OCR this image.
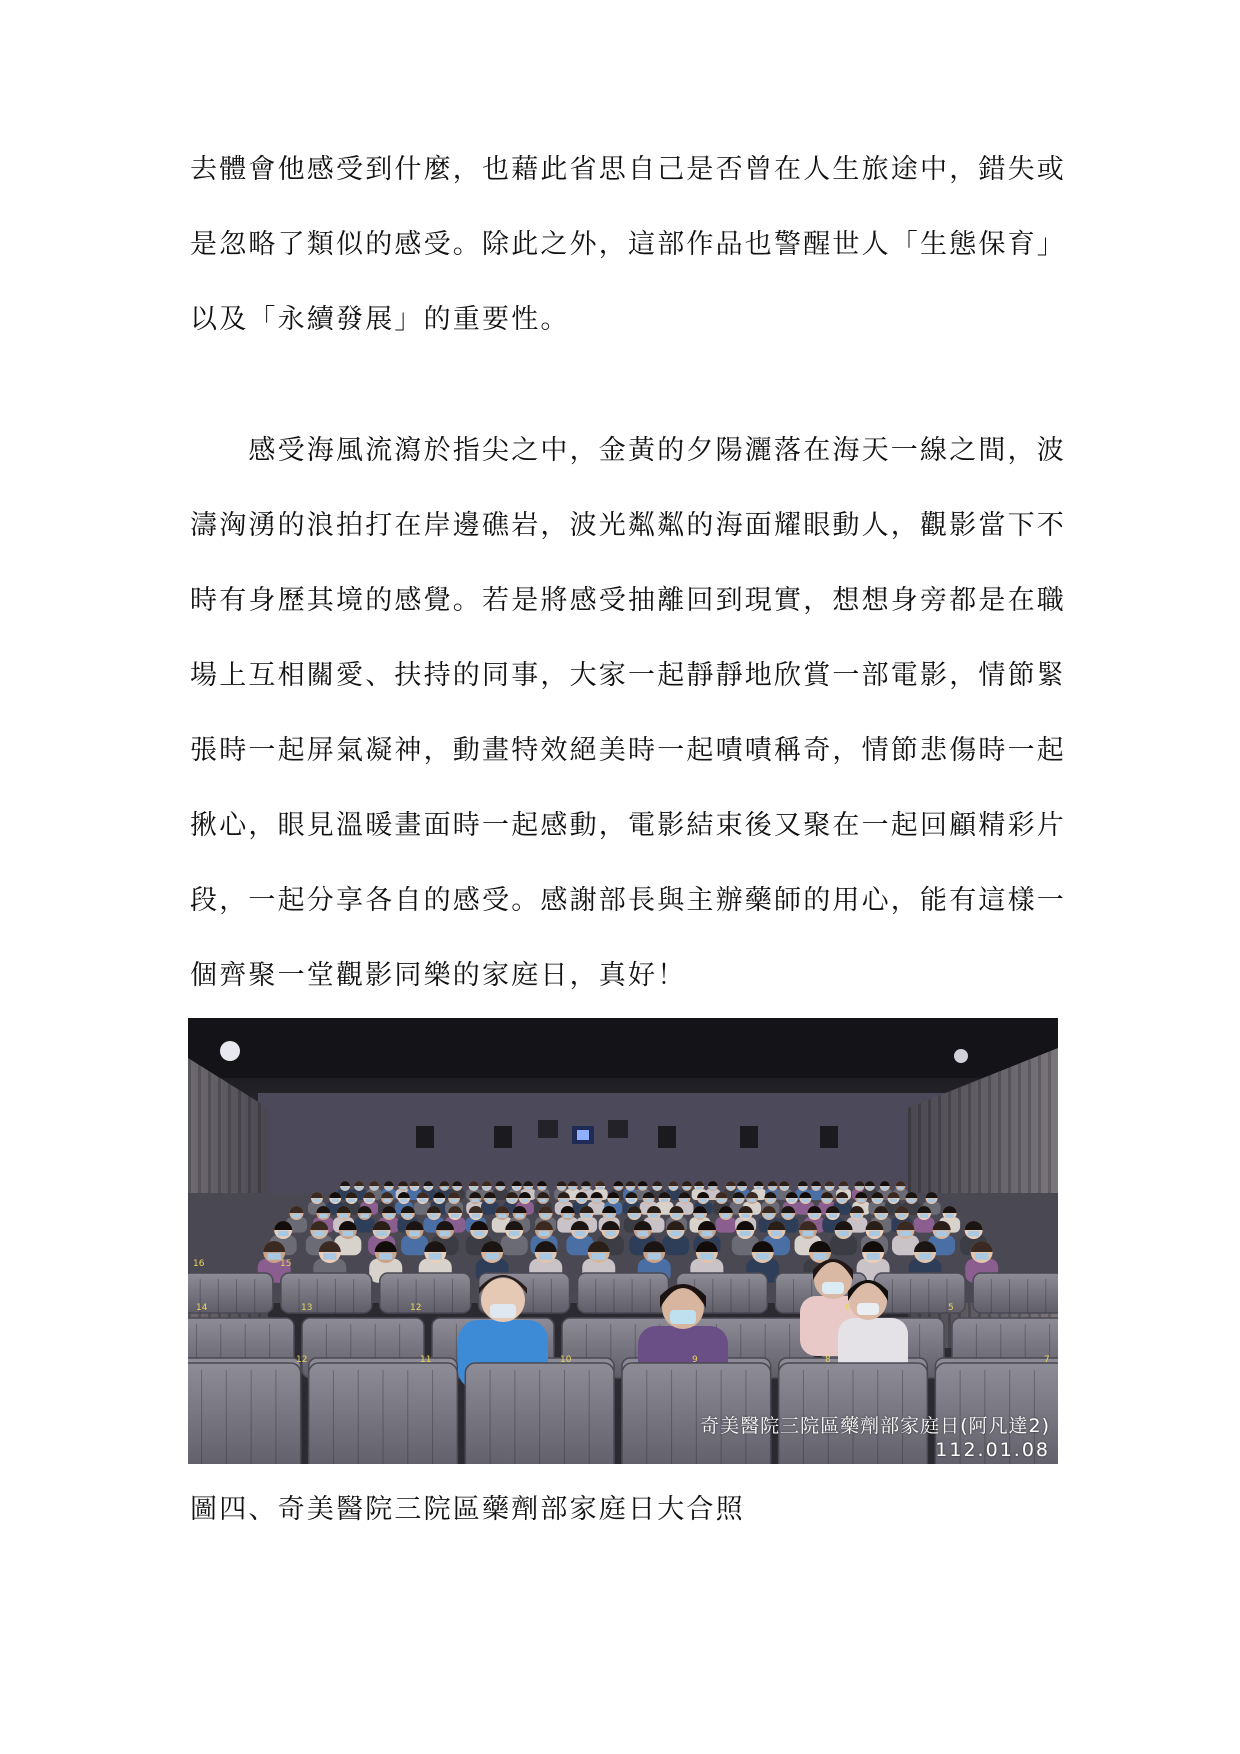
去體會他感受到什麼，也藉此省思自己是否曾在人生旅途中，錯失或
是忽略了類似的感受。除此之外，這部作品也警醒世人「生態保育」
以及「永續發展」的重要性。
　　感受海風流瀉於指尖之中，金黃的夕陽灑落在海天一線之間，波
濤洶湧的浪拍打在岸邊礁岩，波光粼粼的海面耀眼動人，觀影當下不
時有身歷其境的感覺。若是將感受抽離回到現實，想想身旁都是在職
場上互相關愛、扶持的同事，大家一起靜靜地欣賞一部電影，情節緊
張時一起屏氣凝神，動畫特效絕美時一起嘖嘖稱奇，情節悲傷時一起
揪心，眼見溫暖畫面時一起感動，電影結束後又聚在一起回顧精彩片
段，一起分享各自的感受。感謝部長與主辦藥師的用心，能有這樣一
個齊聚一堂觀影同樂的家庭日，真好！
12	11	10	9	8	7
14	13	12	6	5
16	15
奇美醫院三院區藥劑部家庭日(阿凡達2)
112.01.08
圖四、奇美醫院三院區藥劑部家庭日大合照
